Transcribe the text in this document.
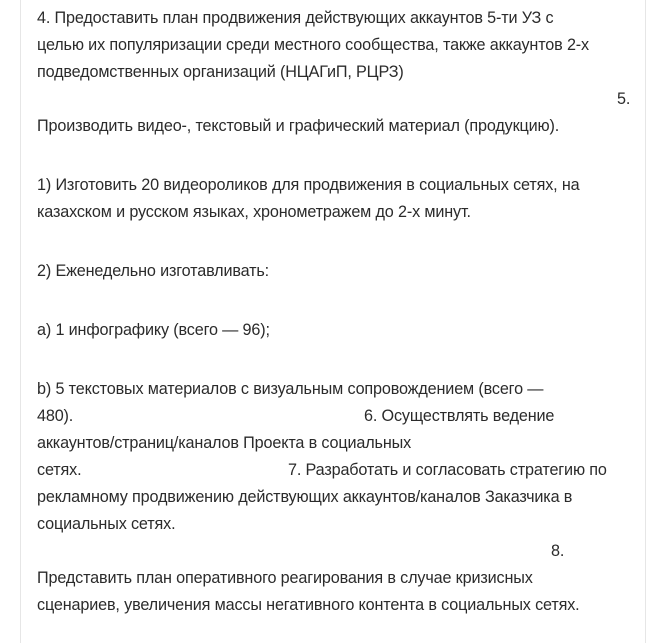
4. Предоставить план продвижения действующих аккаунтов 5-ти УЗ с
целью их популяризации среди местного сообщества, также аккаунтов 2-х
подведомственных организаций (НЦАГиП, РЦРЗ)
5.
Производить видео-, текстовый и графический материал (продукцию).
1) Изготовить 20 видеороликов для продвижения в социальных сетях, на
казахском и русском языках, хронометражем до 2-х минут.
2) Еженедельно изготавливать:
a) 1 инфографику (всего — 96);
b) 5 текстовых материалов с визуальным сопровождением (всего —
480).	6. Осуществлять ведение
аккаунтов/страниц/каналов Проекта в социальных
сетях.	7. Разработать и согласовать стратегию по
рекламному продвижению действующих аккаунтов/каналов Заказчика в
социальных сетях.
8.
Представить план оперативного реагирования в случае кризисных
сценариев, увеличения массы негативного контента в социальных сетях.
